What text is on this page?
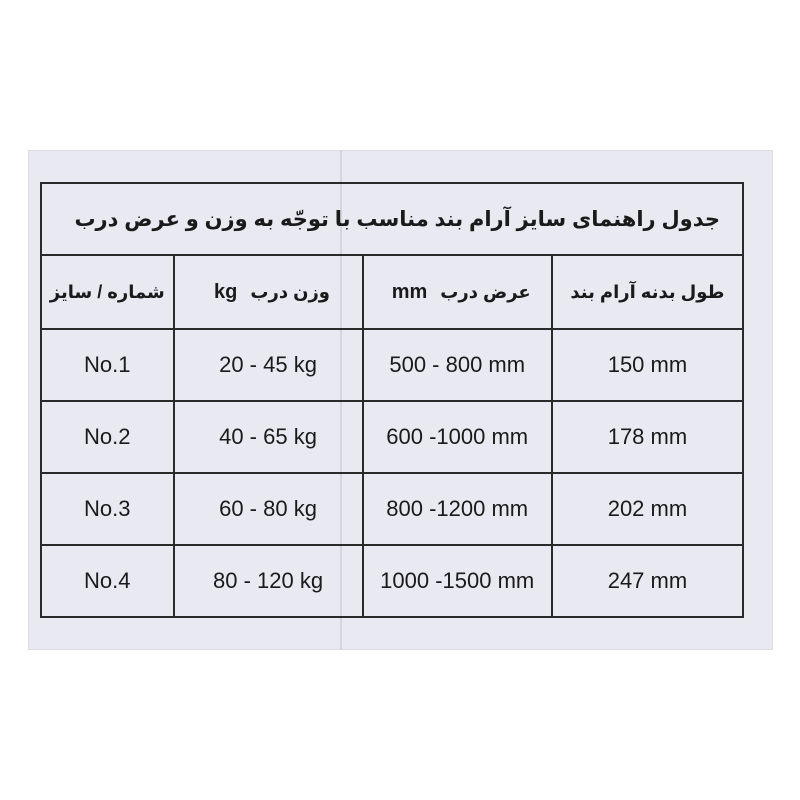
جدول راهنمای سایز آرام بند مناسب با توجّه به وزن و عرض درب			
شماره / سایز	وزن درب kg	عرض درب mm	طول بدنه آرام بند
No.1	20 - 45 kg	500 - 800 mm	150 mm
No.2	40 - 65 kg	600 -1000 mm	178 mm
No.3	60 - 80 kg	800 -1200 mm	202 mm
No.4	80 - 120 kg	1000 -1500 mm	247 mm
